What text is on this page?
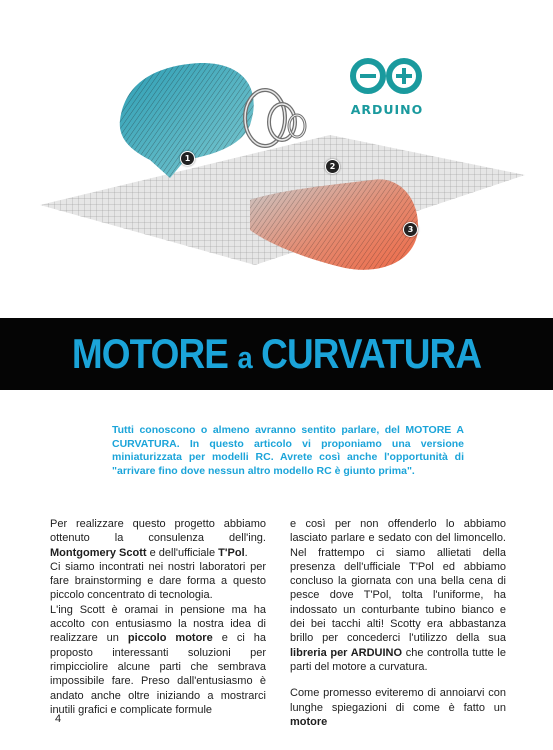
1
2
3
ARDUINO
MOTORE a CURVATURA
Tutti conoscono o almeno avranno sentito parlare, del MOTORE A CURVATURA. In questo articolo vi proponiamo una versione miniaturizzata per modelli RC. Avrete così anche l'opportunità di "arrivare fino dove nessun altro modello RC è giunto prima".

Per realizzare questo progetto abbiamo ottenuto la consulenza dell'ing. Montgomery Scott e dell'ufficiale T'Pol.

Ci siamo incontrati nei nostri laboratori per fare brainstorming e dare forma a questo piccolo concentrato di tecnologia.
L'ing Scott è oramai in pensione ma ha accolto con entusiasmo la nostra idea di realizzare un piccolo motore e ci ha proposto interessanti soluzioni per rimpicciolire alcune parti che sembrava impossibile fare. Preso dall'entusiasmo è andato anche oltre iniziando a mostrarci inutili grafici e complicate formule

e così per non offenderlo lo abbiamo lasciato parlare e sedato con del limoncello. Nel frattempo ci siamo allietati della presenza dell'ufficiale T'Pol ed abbiamo concluso la giornata con una bella cena di pesce dove T'Pol, tolta l'uniforme, ha indossato un conturbante tubino bianco e dei bei tacchi alti! Scotty era abbastanza brillo per concederci l'utilizzo della sua libreria per ARDUINO che controlla tutte le parti del motore a curvatura.

Come promesso eviteremo di annoiarvi con lunghe spiegazioni di come è fatto un motore

4
